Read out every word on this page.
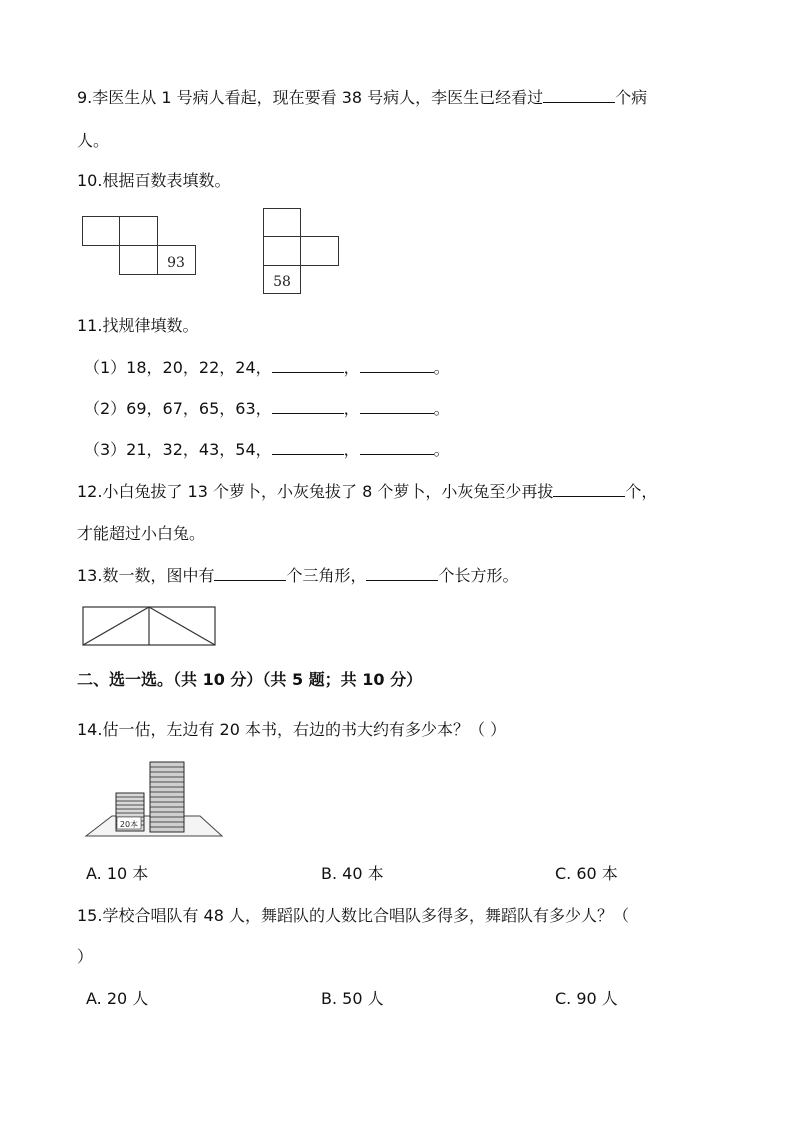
9.李医生从 1 号病人看起，现在要看 38 号病人，李医生已经看过	个病
人。
10.根据百数表填数。
93
58
11.找规律填数。
（1）18，20，22，24，	，	。
（2）69，67，65，63，	，	。
（3）21，32，43，54，	，	。
12.小白兔拔了 13 个萝卜，小灰兔拔了 8 个萝卜，小灰兔至少再拔	个，
才能超过小白兔。
13.数一数，图中有	个三角形，	个长方形。
二、选一选。（共 10 分）（共 5 题；共 10 分）
14.估一估，左边有 20 本书，右边的书大约有多少本？（ ）
20本
A. 10 本	B. 40 本	C. 60 本
15.学校合唱队有 48 人，舞蹈队的人数比合唱队多得多，舞蹈队有多少人？（
）
A. 20 人	B. 50 人	C. 90 人
